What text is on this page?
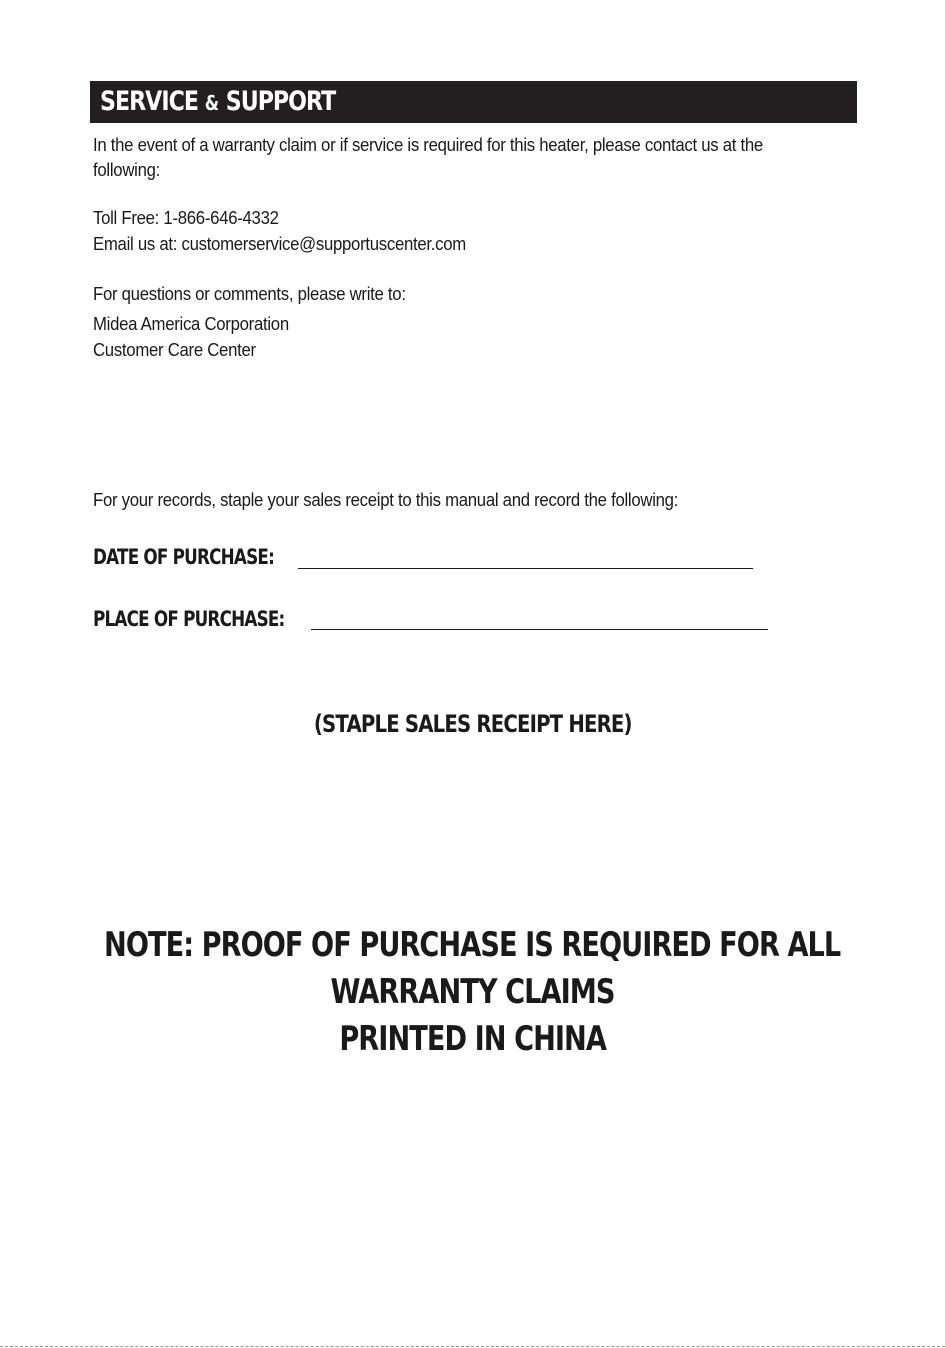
SERVICE & SUPPORT
In the event of a warranty claim or if service is required for this heater, please contact us at the
following:
Toll Free: 1-866-646-4332
Email us at: customerservice@supportuscenter.com
For questions or comments, please write to:
Midea America Corporation
Customer Care Center
For your records, staple your sales receipt to this manual and record the following:
DATE OF PURCHASE:
PLACE OF PURCHASE:
(STAPLE SALES RECEIPT HERE)
NOTE: PROOF OF PURCHASE IS REQUIRED FOR ALL
WARRANTY CLAIMS
PRINTED IN CHINA
